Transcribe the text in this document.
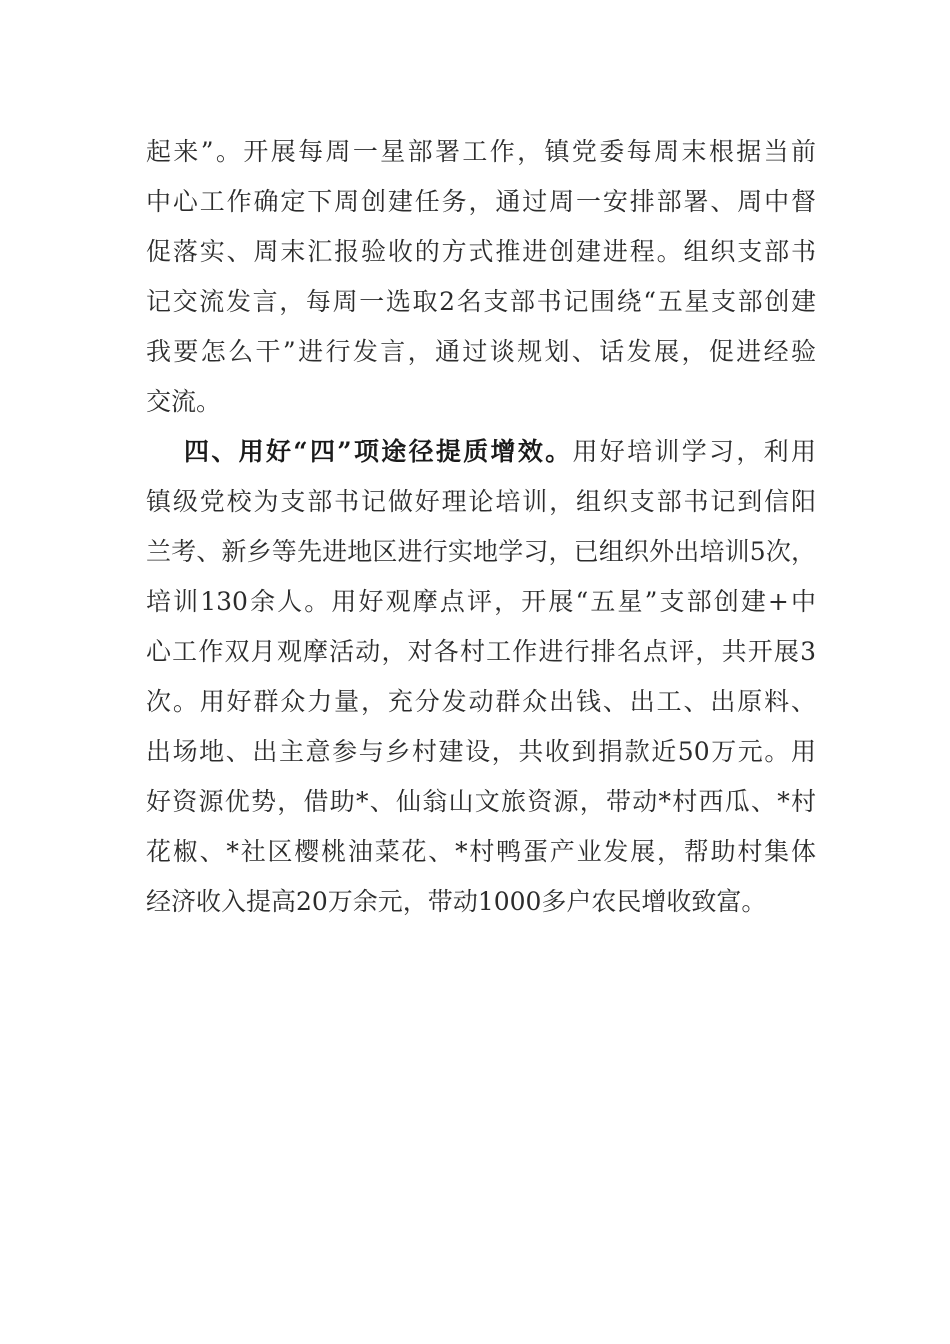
起来”。开展每周一星部署工作，镇党委每周末根据当前
中心工作确定下周创建任务，通过周一安排部署、周中督
促落实、周末汇报验收的方式推进创建进程。组织支部书
记交流发言，每周一选取2名支部书记围绕“五星支部创建
我要怎么干”进行发言，通过谈规划、话发展，促进经验
交流。
四、用好“四”项途径提质增效。用好培训学习，利用
镇级党校为支部书记做好理论培训，组织支部书记到信阳
兰考、新乡等先进地区进行实地学习，已组织外出培训5次，
培训130余人。用好观摩点评，开展“五星”支部创建+中
心工作双月观摩活动，对各村工作进行排名点评，共开展3
次。用好群众力量，充分发动群众出钱、出工、出原料、
出场地、出主意参与乡村建设，共收到捐款近50万元。用
好资源优势，借助*、仙翁山文旅资源，带动*村西瓜、*村
花椒、*社区樱桃油菜花、*村鸭蛋产业发展，帮助村集体
经济收入提高20万余元，带动1000多户农民增收致富。
